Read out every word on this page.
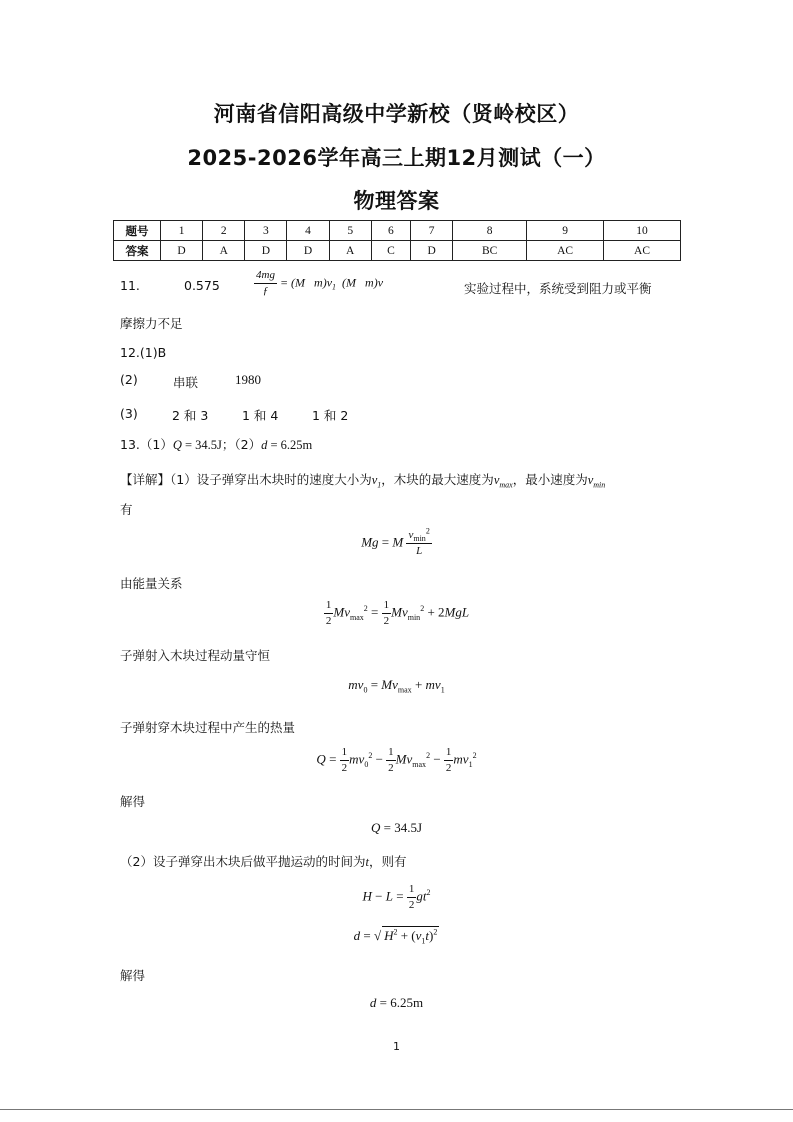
河南省信阳高级中学新校（贤岭校区）
2025-2026学年高三上期12月测试（一）
物理答案
题号	1	2	3	4	5	6	7	8	9	10
答案	D	A	D	D	A	C	D	BC	AC	AC
11.	0.575	$\frac{4mg}{ƒ} = (M$ $m)v_1$  (M m)v	实验过程中，系统受到阻力或平衡
摩擦力不足
12.(1)B
(2)	串联	1980
(3)	2 和 3	1 和 4	1 和 2
13.（1）Q = 34.5J；（2）d = 6.25m
【详解】（1）设子弹穿出木块时的速度大小为$v_1$，木块的最大速度为$v_{max}$，最小速度为$v_{min}$
有
Mg = M $\frac{v_{min}^2}{L}$
由能量关系
$\frac{1}{2} Mv_{max}^2 = \frac{1}{2} Mv_{min}^2 + 2MgL$
子弹射入木块过程动量守恒
$mv_0 = Mv_{max} + mv_1$
子弹射穿木块过程中产生的热量
$Q = \frac{1}{2} mv_0^2 - \frac{1}{2} Mv_{max}^2 - \frac{1}{2} mv_1^2$
解得
Q = 34.5J
（2）设子弹穿出木块后做平抛运动的时间为t，则有
$H - L = \frac{1}{2} gt^2$
d = √ $H^2 + (v_1t)^2$
解得
d = 6.25m
1
